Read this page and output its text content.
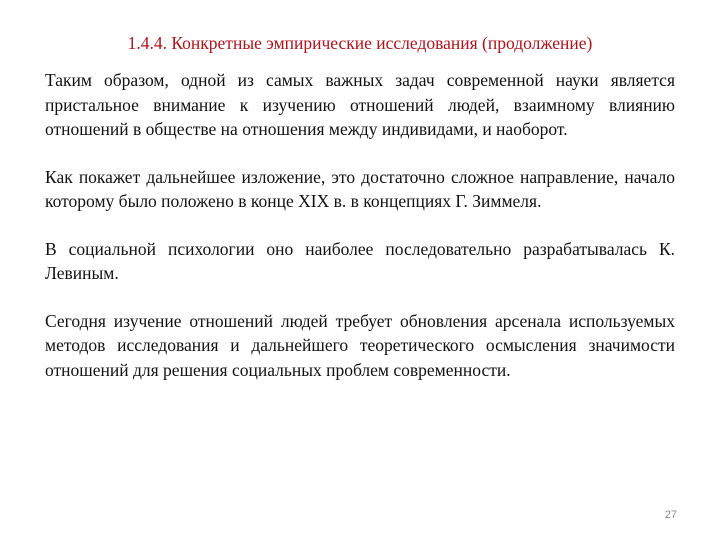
1.4.4. Конкретные эмпирические исследования (продолжение)

Таким образом, одной из самых важных задач современной науки является пристальное внимание к изучению отношений людей, взаимному влиянию отношений в обществе на отношения между индивидами, и наоборот.

Как покажет дальнейшее изложение, это достаточно сложное направление, начало которому было положено в конце XIX в. в концепциях Г. Зиммеля.

В социальной психологии оно наиболее последовательно разрабатывалась К. Левиным.

Сегодня изучение отношений людей требует обновления арсенала используемых методов исследования и дальнейшего теоретического осмысления значимости отношений для решения социальных проблем современности.

27
